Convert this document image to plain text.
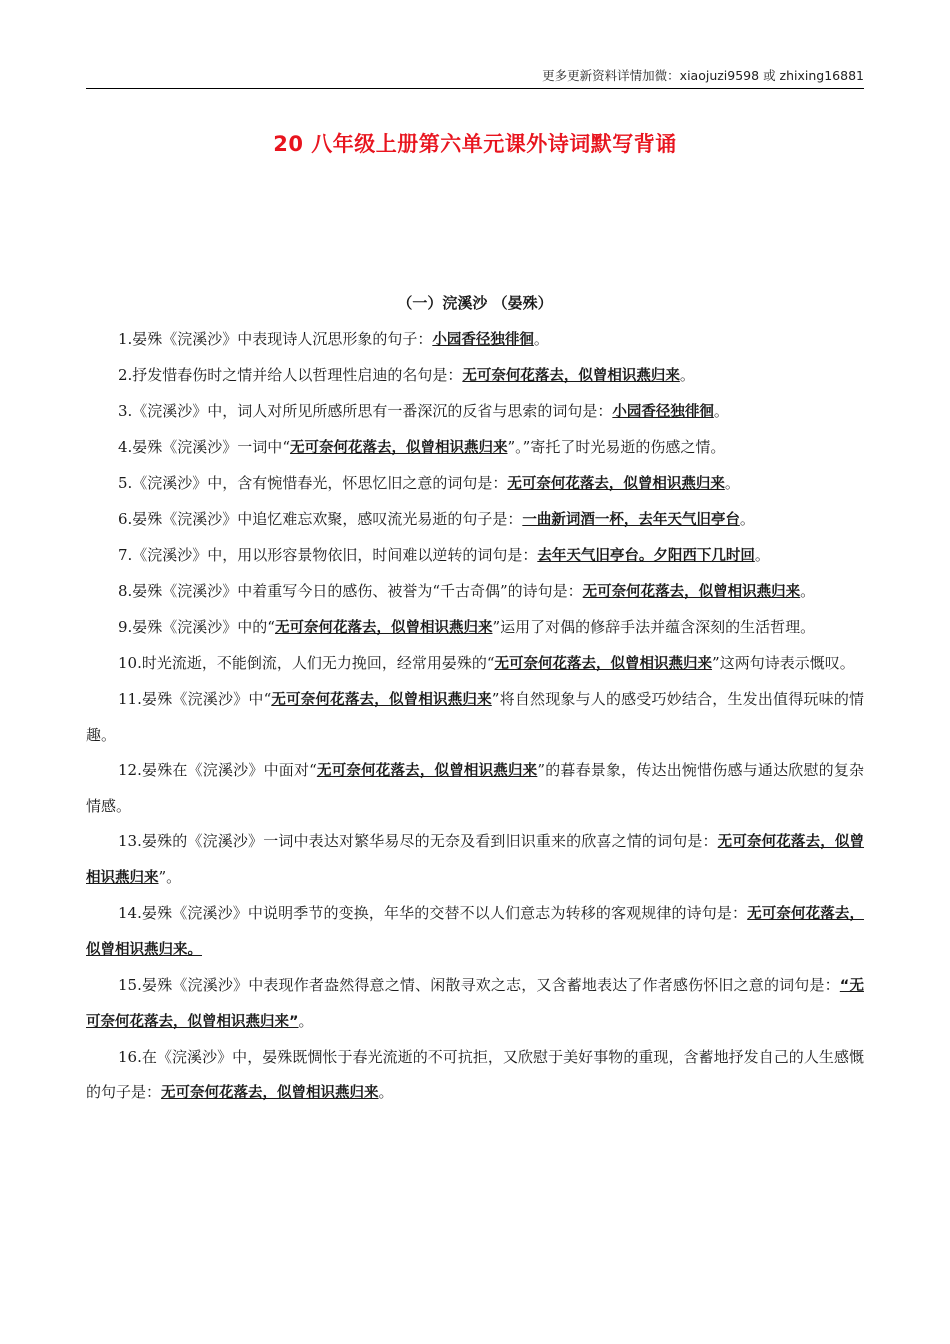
更多更新资料详情加微：xiaojuzi9598 或 zhixing16881
20 八年级上册第六单元课外诗词默写背诵
（一）浣溪沙 （晏殊）

1.晏殊《浣溪沙》中表现诗人沉思形象的句子：小园香径独徘徊。

2.抒发惜春伤时之情并给人以哲理性启迪的名句是：无可奈何花落去，似曾相识燕归来。

3.《浣溪沙》中，词人对所见所感所思有一番深沉的反省与思索的词句是：小园香径独徘徊。

4.晏殊《浣溪沙》一词中“无可奈何花落去，似曾相识燕归来”。”寄托了时光易逝的伤感之情。

5.《浣溪沙》中，含有惋惜春光，怀思忆旧之意的词句是：无可奈何花落去，似曾相识燕归来。

6.晏殊《浣溪沙》中追忆难忘欢聚，感叹流光易逝的句子是：一曲新词酒一杯，去年天气旧亭台。

7.《浣溪沙》中，用以形容景物依旧，时间难以逆转的词句是：去年天气旧亭台。夕阳西下几时回。

8.晏殊《浣溪沙》中着重写今日的感伤、被誉为“千古奇偶”的诗句是：无可奈何花落去，似曾相识燕归来。

9.晏殊《浣溪沙》中的“无可奈何花落去，似曾相识燕归来”运用了对偶的修辞手法并蕴含深刻的生活哲理。

10.时光流逝，不能倒流，人们无力挽回，经常用晏殊的“无可奈何花落去，似曾相识燕归来”这两句诗表示慨叹。

11.晏殊《浣溪沙》中“无可奈何花落去，似曾相识燕归来”将自然现象与人的感受巧妙结合，生发出值得玩味的情趣。

12.晏殊在《浣溪沙》中面对“无可奈何花落去，似曾相识燕归来”的暮春景象，传达出惋惜伤感与通达欣慰的复杂情感。

13.晏殊的《浣溪沙》一词中表达对繁华易尽的无奈及看到旧识重来的欣喜之情的词句是：无可奈何花落去，似曾相识燕归来”。

14.晏殊《浣溪沙》中说明季节的变换，年华的交替不以人们意志为转移的客观规律的诗句是：无可奈何花落去，似曾相识燕归来。

15.晏殊《浣溪沙》中表现作者盎然得意之情、闲散寻欢之志，又含蓄地表达了作者感伤怀旧之意的词句是：“无可奈何花落去，似曾相识燕归来”。

16.在《浣溪沙》中，晏殊既惆怅于春光流逝的不可抗拒，又欣慰于美好事物的重现，含蓄地抒发自己的人生感慨的句子是：无可奈何花落去，似曾相识燕归来。
